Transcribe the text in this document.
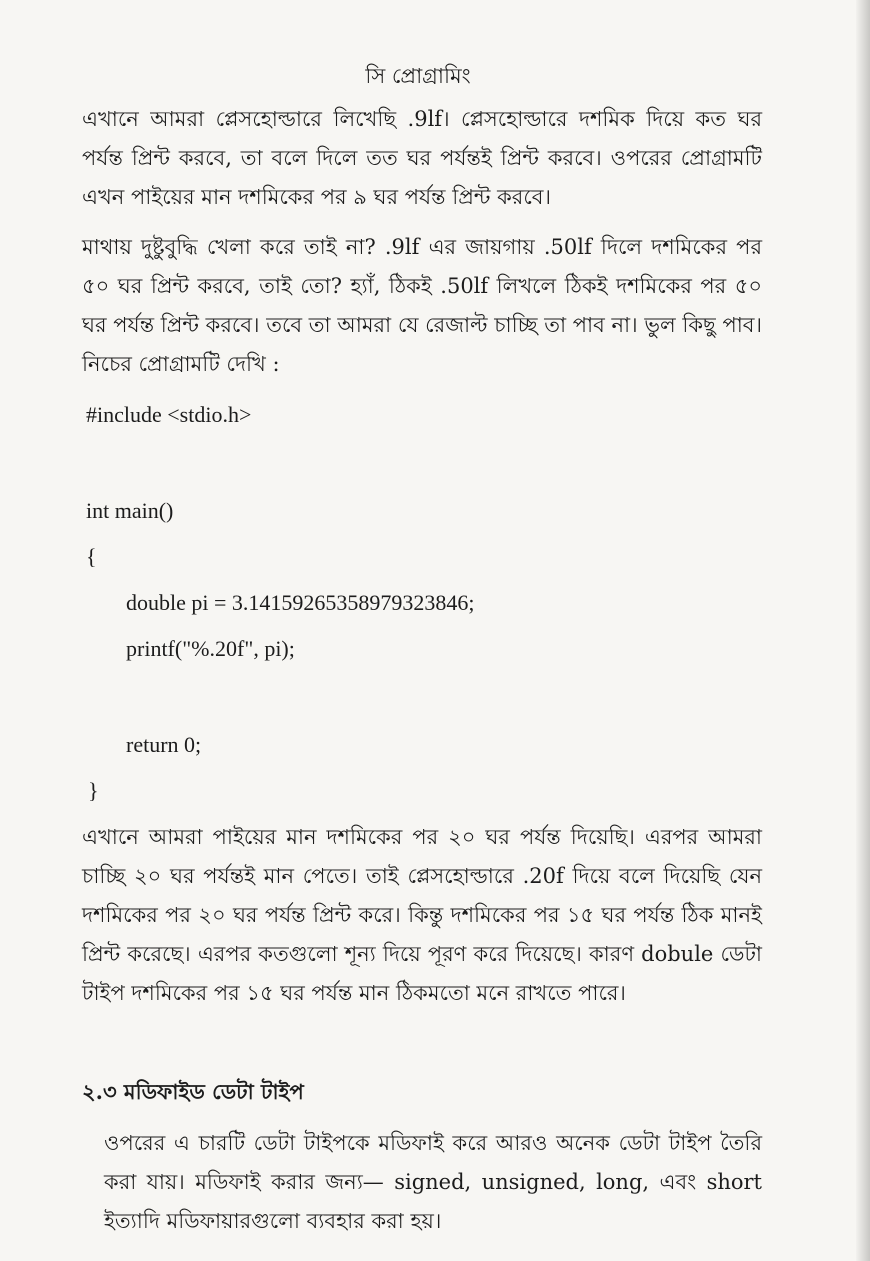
সি প্রোগ্রামিং

এখানে আমরা প্লেসহোল্ডারে লিখেছি .9lf। প্লেসহোল্ডারে দশমিক দিয়ে কত ঘর পর্যন্ত প্রিন্ট করবে, তা বলে দিলে তত ঘর পর্যন্তই প্রিন্ট করবে। ওপরের প্রোগ্রামটি এখন পাইয়ের মান দশমিকের পর ৯ ঘর পর্যন্ত প্রিন্ট করবে।

মাথায় দুষ্টুবুদ্ধি খেলা করে তাই না? .9lf এর জায়গায় .50lf দিলে দশমিকের পর ৫০ ঘর প্রিন্ট করবে, তাই তো? হ্যাঁ, ঠিকই .50lf লিখলে ঠিকই দশমিকের পর ৫০ ঘর পর্যন্ত প্রিন্ট করবে। তবে তা আমরা যে রেজাল্ট চাচ্ছি তা পাব না। ভুল কিছু পাব। নিচের প্রোগ্রামটি দেখি :

#include <stdio.h>
int main()
{
double pi = 3.14159265358979323846;
printf("%.20f", pi);
return 0;
}

এখানে আমরা পাইয়ের মান দশমিকের পর ২০ ঘর পর্যন্ত দিয়েছি। এরপর আমরা চাচ্ছি ২০ ঘর পর্যন্তই মান পেতে। তাই প্লেসহোল্ডারে .20f দিয়ে বলে দিয়েছি যেন দশমিকের পর ২০ ঘর পর্যন্ত প্রিন্ট করে। কিন্তু দশমিকের পর ১৫ ঘর পর্যন্ত ঠিক মানই প্রিন্ট করেছে। এরপর কতগুলো শূন্য দিয়ে পূরণ করে দিয়েছে। কারণ dobule ডেটা টাইপ দশমিকের পর ১৫ ঘর পর্যন্ত মান ঠিকমতো মনে রাখতে পারে।

২.৩ মডিফাইড ডেটা টাইপ

ওপরের এ চারটি ডেটা টাইপকে মডিফাই করে আরও অনেক ডেটা টাইপ তৈরি করা যায়। মডিফাই করার জন্য— signed, unsigned, long, এবং short ইত্যাদি মডিফায়ারগুলো ব্যবহার করা হয়।
